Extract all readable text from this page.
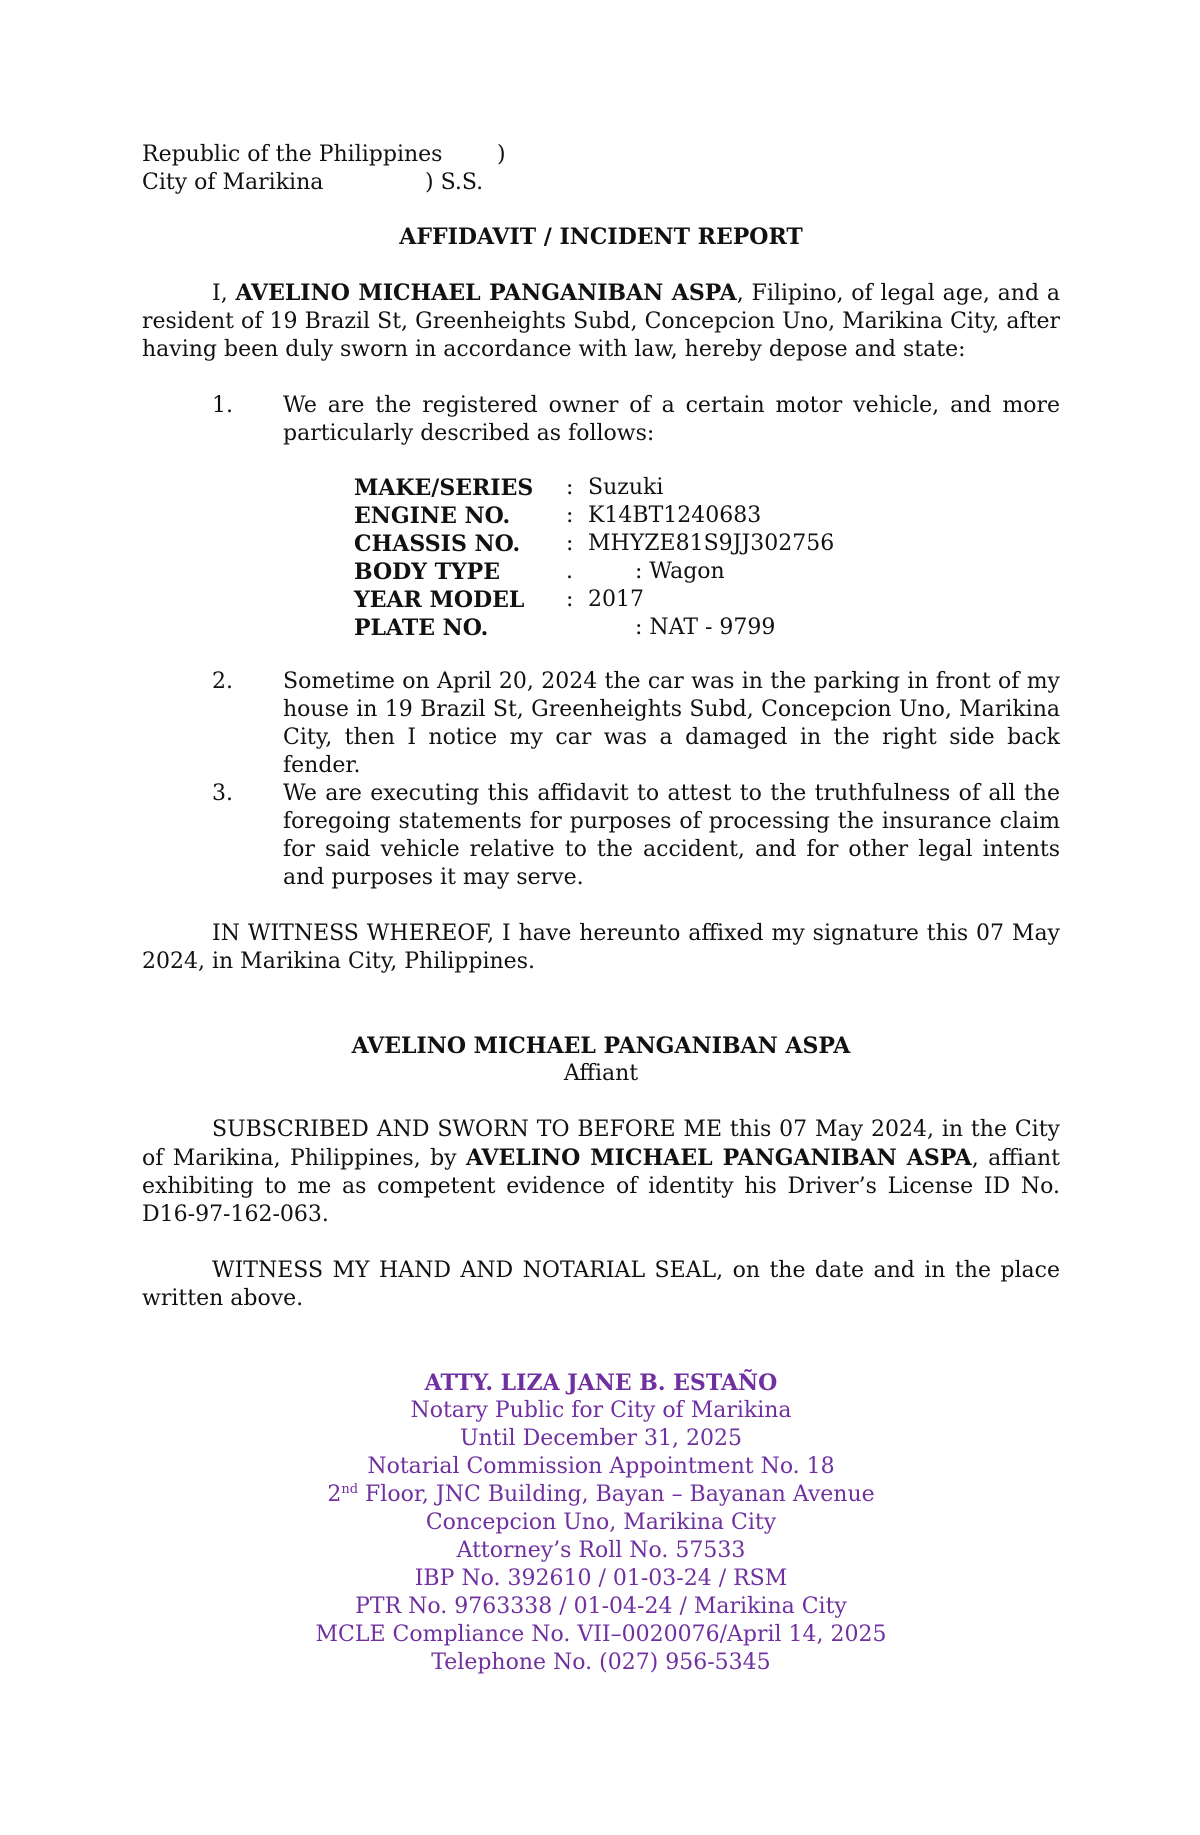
Republic of the Philippines )
City of Marikina	) S.S.
AFFIDAVIT / INCIDENT REPORT

I, AVELINO MICHAEL PANGANIBAN ASPA, Filipino, of legal age, and a resident of 19 Brazil St, Greenheights Subd, Concepcion Uno, Marikina City, after having been duly sworn in accordance with law, hereby depose and state:

1. We are the registered owner of a certain motor vehicle, and more particularly described as follows:
MAKE/SERIES	:	Suzuki
ENGINE NO.	:	K14BT1240683
CHASSIS NO.	:	MHYZE81S9JJ302756
BODY TYPE	.	: Wagon
YEAR MODEL	:	2017
PLATE NO.		: NAT - 9799
2. Sometime on April 20, 2024 the car was in the parking in front of my house in 19 Brazil St, Greenheights Subd, Concepcion Uno, Marikina City, then I notice my car was a damaged in the right side back fender.
3. We are executing this affidavit to attest to the truthfulness of all the foregoing statements for purposes of processing the insurance claim for said vehicle relative to the accident, and for other legal intents and purposes it may serve.

IN WITNESS WHEREOF, I have hereunto affixed my signature this 07 May 2024, in Marikina City, Philippines.

AVELINO MICHAEL PANGANIBAN ASPA
Affiant

SUBSCRIBED AND SWORN TO BEFORE ME this 07 May 2024, in the City of Marikina, Philippines, by AVELINO MICHAEL PANGANIBAN ASPA, affiant exhibiting to me as competent evidence of identity his Driver’s License ID No. D16-97-162-063.

WITNESS MY HAND AND NOTARIAL SEAL, on the date and in the place written above.

ATTY. LIZA JANE B. ESTAÑO
Notary Public for City of Marikina
Until December 31, 2025
Notarial Commission Appointment No. 18
2nd Floor, JNC Building, Bayan – Bayanan Avenue
Concepcion Uno, Marikina City
Attorney’s Roll No. 57533
IBP No. 392610 / 01-03-24 / RSM
PTR No. 9763338 / 01-04-24 / Marikina City
MCLE Compliance No. VII–0020076/April 14, 2025
Telephone No. (027) 956-5345
